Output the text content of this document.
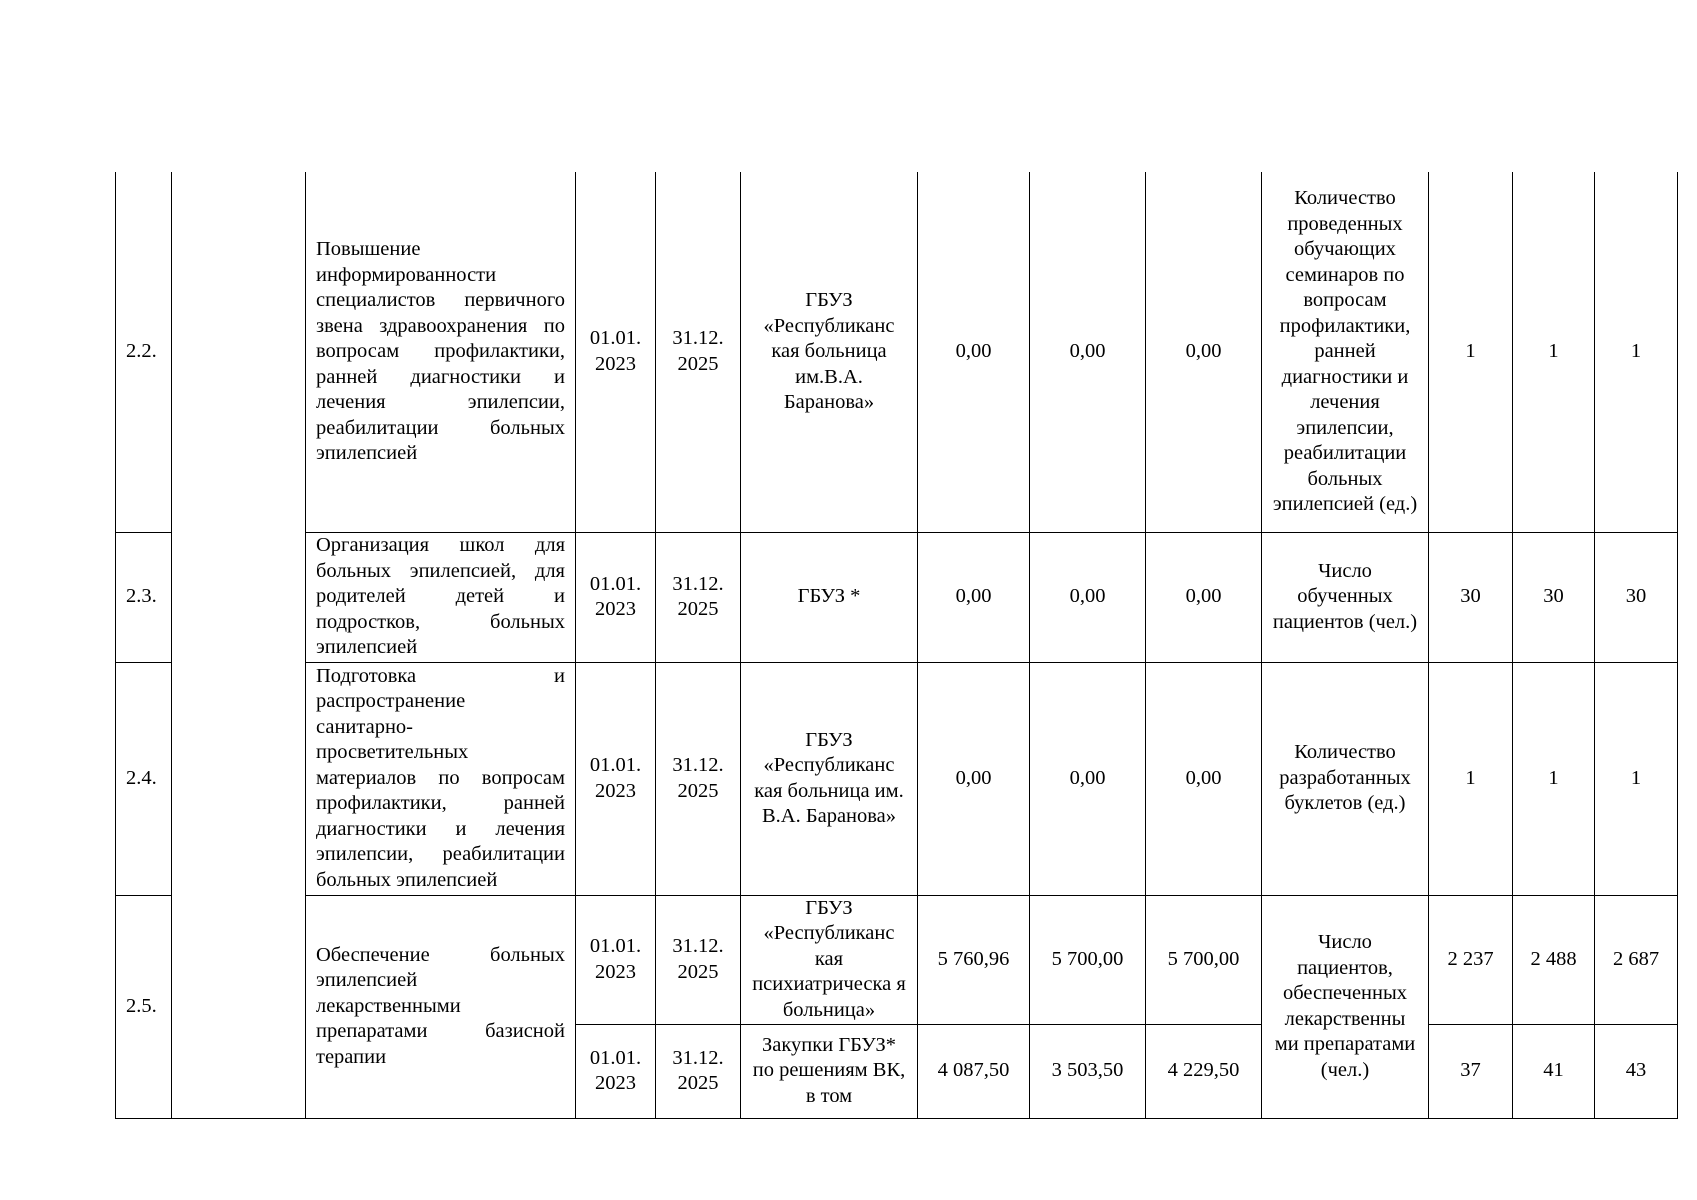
2.2.		Повышение информированности специалистов первичного звена здравоохранения по вопросам профилактики, ранней диагностики и лечения эпилепсии, реабилитации больных эпилепсией	01.01. 2023	31.12. 2025	ГБУЗ «Республиканс кая больница им.В.А. Баранова»	0,00	0,00	0,00	Количество проведенных обучающих семинаров по вопросам профилактики, ранней диагностики и лечения эпилепсии, реабилитации больных эпилепсией (ед.)	1	1	1
2.3.		Организация школ для больных эпилепсией, для родителей детей и подростков, больных эпилепсией	01.01. 2023	31.12. 2025	ГБУЗ *	0,00	0,00	0,00	Число обученных пациентов (чел.)	30	30	30
2.4.		Подготовка и распространение санитарно-просветительных материалов по вопросам профилактики, ранней диагностики и лечения эпилепсии, реабилитации больных эпилепсией	01.01. 2023	31.12. 2025	ГБУЗ «Республиканс кая больница им. В.А. Баранова»	0,00	0,00	0,00	Количество разработанных буклетов (ед.)	1	1	1
2.5.		Обеспечение больных эпилепсией лекарственными препаратами базисной терапии	01.01. 2023	31.12. 2025	ГБУЗ «Республиканс кая психиатрическа я больница»	5 760,96	5 700,00	5 700,00	Число пациентов, обеспеченных лекарственны ми препаратами (чел.)	2 237	2 488	2 687
			01.01. 2023	31.12. 2025	Закупки ГБУЗ* по решениям ВК, в том	4 087,50	3 503,50	4 229,50		37	41	43
